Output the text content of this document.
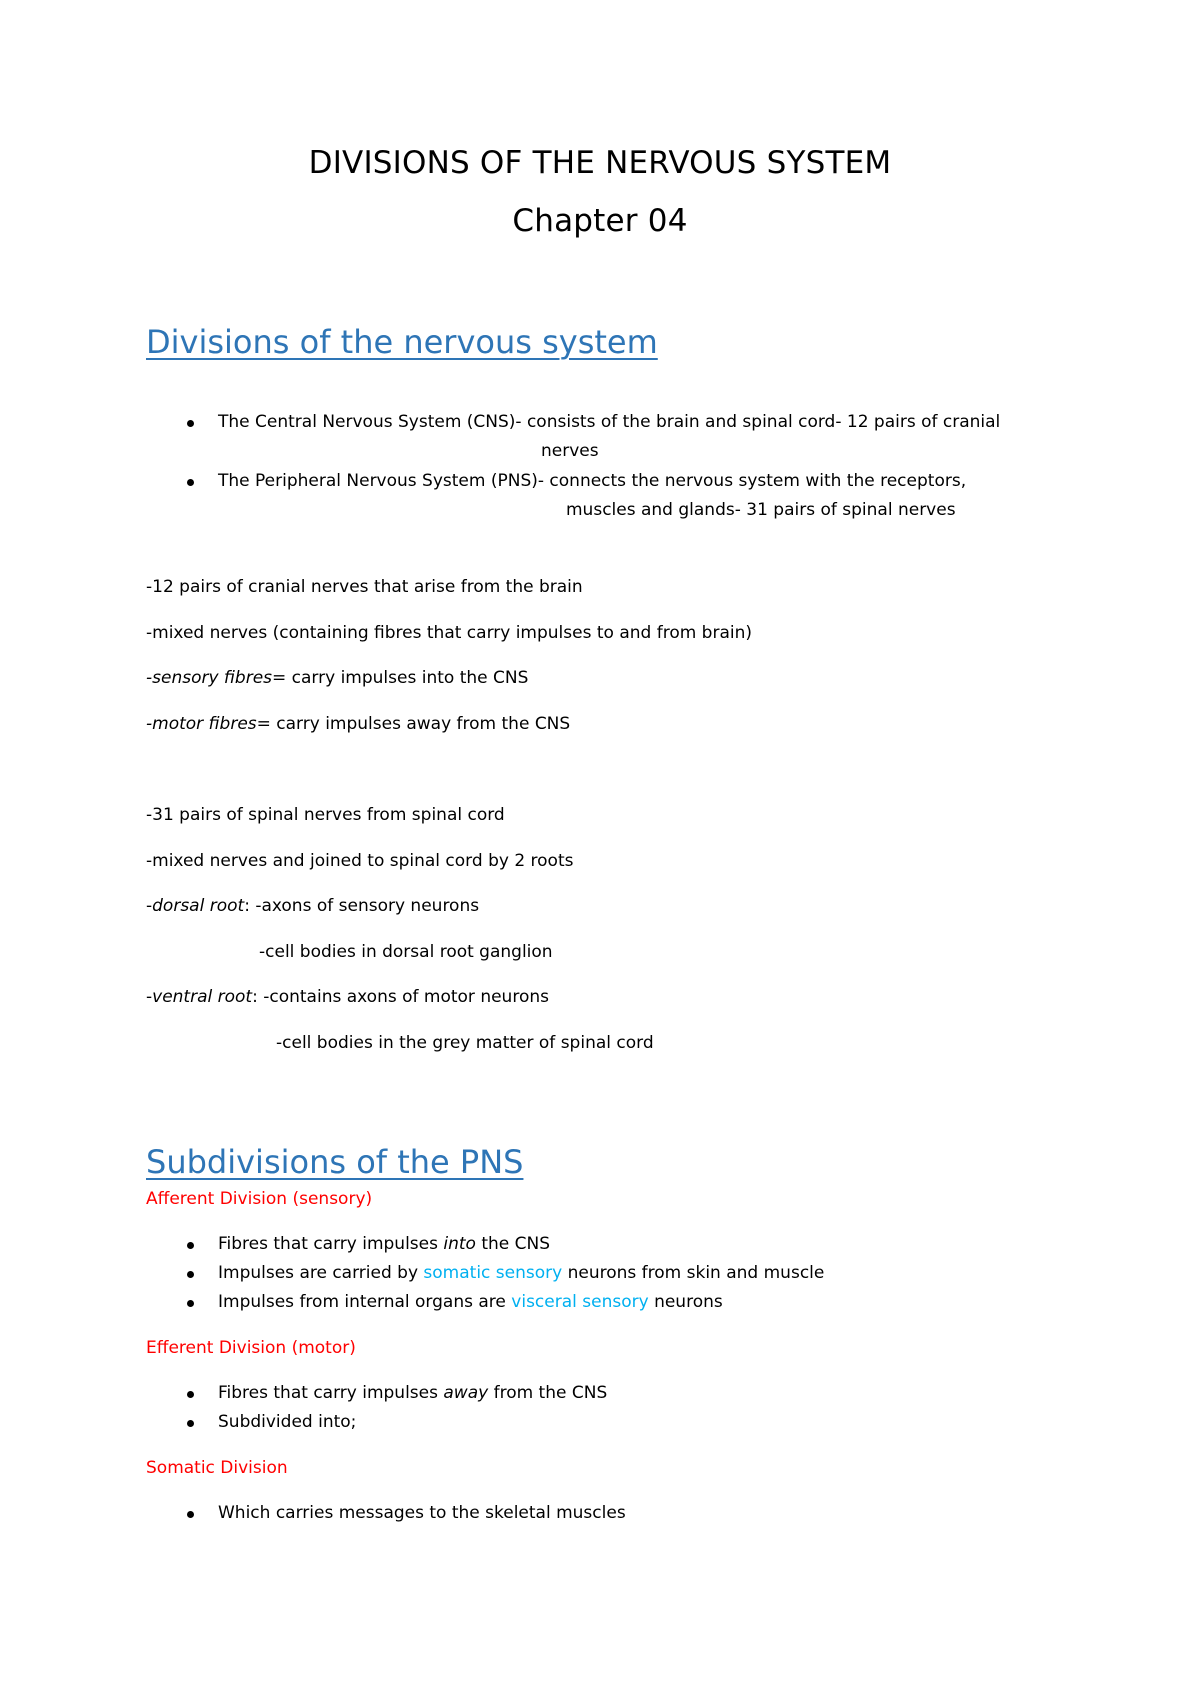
DIVISIONS OF THE NERVOUS SYSTEM
Chapter 04
Divisions of the nervous system
The Central Nervous System (CNS)- consists of the brain and spinal cord- 12 pairs of cranial
nerves
The Peripheral Nervous System (PNS)- connects the nervous system with the receptors,
muscles and glands- 31 pairs of spinal nerves
-12 pairs of cranial nerves that arise from the brain
-mixed nerves (containing fibres that carry impulses to and from brain)
-sensory fibres= carry impulses into the CNS
-motor fibres= carry impulses away from the CNS
-31 pairs of spinal nerves from spinal cord
-mixed nerves and joined to spinal cord by 2 roots
-dorsal root: -axons of sensory neurons
-cell bodies in dorsal root ganglion
-ventral root: -contains axons of motor neurons
-cell bodies in the grey matter of spinal cord
Subdivisions of the PNS
Afferent Division (sensory)
Fibres that carry impulses into the CNS
Impulses are carried by somatic sensory neurons from skin and muscle
Impulses from internal organs are visceral sensory neurons
Efferent Division (motor)
Fibres that carry impulses away from the CNS
Subdivided into;
Somatic Division
Which carries messages to the skeletal muscles
